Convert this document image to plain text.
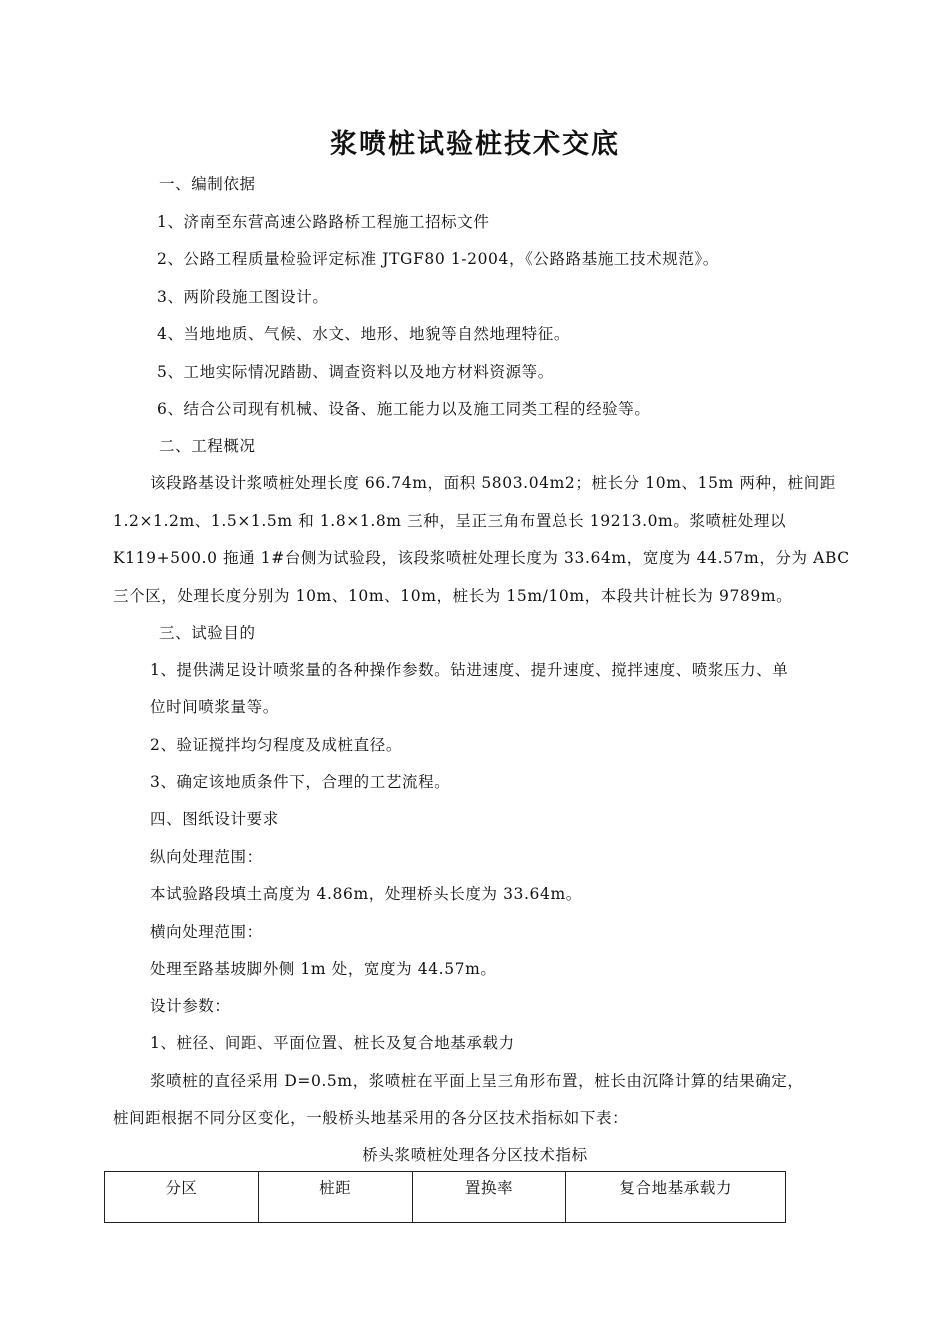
浆喷桩试验桩技术交底
一、编制依据
1、济南至东营高速公路路桥工程施工招标文件
2、公路工程质量检验评定标准 JTGF80 1-2004，《公路路基施工技术规范》。
3、两阶段施工图设计。
4、当地地质、气候、水文、地形、地貌等自然地理特征。
5、工地实际情况踏勘、调查资料以及地方材料资源等。
6、结合公司现有机械、设备、施工能力以及施工同类工程的经验等。
二、工程概况
该段路基设计浆喷桩处理长度 66.74m，面积 5803.04m2；桩长分 10m、15m 两种，桩间距
1.2×1.2m、1.5×1.5m 和 1.8×1.8m 三种，呈正三角布置总长 19213.0m。浆喷桩处理以
K119+500.0 拖通 1#台侧为试验段，该段浆喷桩处理长度为 33.64m，宽度为 44.57m，分为 ABC
三个区，处理长度分别为 10m、10m、10m，桩长为 15m/10m，本段共计桩长为 9789m。
三、试验目的
1、提供满足设计喷浆量的各种操作参数。钻进速度、提升速度、搅拌速度、喷浆压力、单
位时间喷浆量等。
2、验证搅拌均匀程度及成桩直径。
3、确定该地质条件下，合理的工艺流程。
四、图纸设计要求
纵向处理范围：
本试验路段填土高度为 4.86m，处理桥头长度为 33.64m。
横向处理范围：
处理至路基坡脚外侧 1m 处，宽度为 44.57m。
设计参数：
1、桩径、间距、平面位置、桩长及复合地基承载力
浆喷桩的直径采用 D=0.5m，浆喷桩在平面上呈三角形布置，桩长由沉降计算的结果确定，
桩间距根据不同分区变化，一般桥头地基采用的各分区技术指标如下表：
桥头浆喷桩处理各分区技术指标
分区	桩距	置换率	复合地基承载力
